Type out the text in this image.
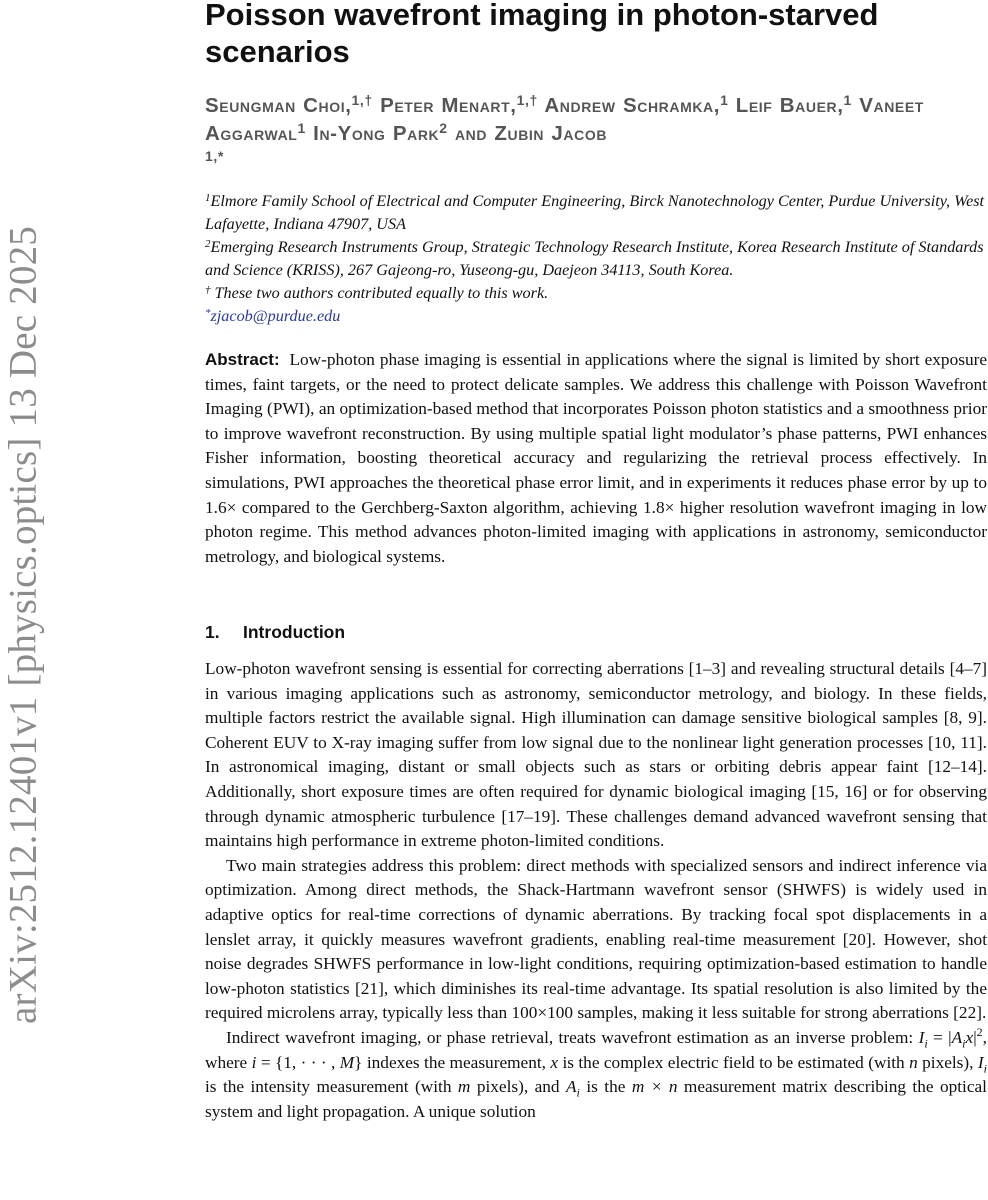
arXiv:2512.12401v1 [physics.optics] 13 Dec 2025
Poisson wavefront imaging in photon-starved scenarios
Seungman Choi,$^{1,\dagger}$ Peter Menart,$^{1,\dagger}$ Andrew Schramka,$^1$ Leif Bauer,$^1$ Vaneet Aggarwal$^1$ In-Yong Park$^2$ and Zubin Jacob
$^{1,*}$

$^1$Elmore Family School of Electrical and Computer Engineering, Birck Nanotechnology Center, Purdue University, West Lafayette, Indiana 47907, USA

$^2$Emerging Research Instruments Group, Strategic Technology Research Institute, Korea Research Institute of Standards and Science (KRISS), 267 Gajeong-ro, Yuseong-gu, Daejeon 34113, South Korea.

† These two authors contributed equally to this work.

*zjacob@purdue.edu

Abstract: Low-photon phase imaging is essential in applications where the signal is limited by short exposure times, faint targets, or the need to protect delicate samples. We address this challenge with Poisson Wavefront Imaging (PWI), an optimization-based method that incorporates Poisson photon statistics and a smoothness prior to improve wavefront reconstruction. By using multiple spatial light modulator’s phase patterns, PWI enhances Fisher information, boosting theoretical accuracy and regularizing the retrieval process effectively. In simulations, PWI approaches the theoretical phase error limit, and in experiments it reduces phase error by up to 1.6× compared to the Gerchberg-Saxton algorithm, achieving 1.8× higher resolution wavefront imaging in low photon regime. This method advances photon-limited imaging with applications in astronomy, semiconductor metrology, and biological systems.

1. Introduction

Low-photon wavefront sensing is essential for correcting aberrations [1–3] and revealing structural details [4–7] in various imaging applications such as astronomy, semiconductor metrology, and biology. In these fields, multiple factors restrict the available signal. High illumination can damage sensitive biological samples [8, 9]. Coherent EUV to X-ray imaging suffer from low signal due to the nonlinear light generation processes [10, 11]. In astronomical imaging, distant or small objects such as stars or orbiting debris appear faint [12–14]. Additionally, short exposure times are often required for dynamic biological imaging [15, 16] or for observing through dynamic atmospheric turbulence [17–19]. These challenges demand advanced wavefront sensing that maintains high performance in extreme photon-limited conditions.

Two main strategies address this problem: direct methods with specialized sensors and indirect inference via optimization. Among direct methods, the Shack-Hartmann wavefront sensor (SHWFS) is widely used in adaptive optics for real-time corrections of dynamic aberrations. By tracking focal spot displacements in a lenslet array, it quickly measures wavefront gradients, enabling real-time measurement [20]. However, shot noise degrades SHWFS performance in low-light conditions, requiring optimization-based estimation to handle low-photon statistics [21], which diminishes its real-time advantage. Its spatial resolution is also limited by the required microlens array, typically less than 100×100 samples, making it less suitable for strong aberrations [22].

Indirect wavefront imaging, or phase retrieval, treats wavefront estimation as an inverse problem: $I_i = |A_ix|^2$, where i = {1, · · · , M} indexes the measurement, x is the complex electric field to be estimated (with n pixels), $I_i$ is the intensity measurement (with m pixels), and $A_i$ is the m × n measurement matrix describing the optical system and light propagation. A unique solution
